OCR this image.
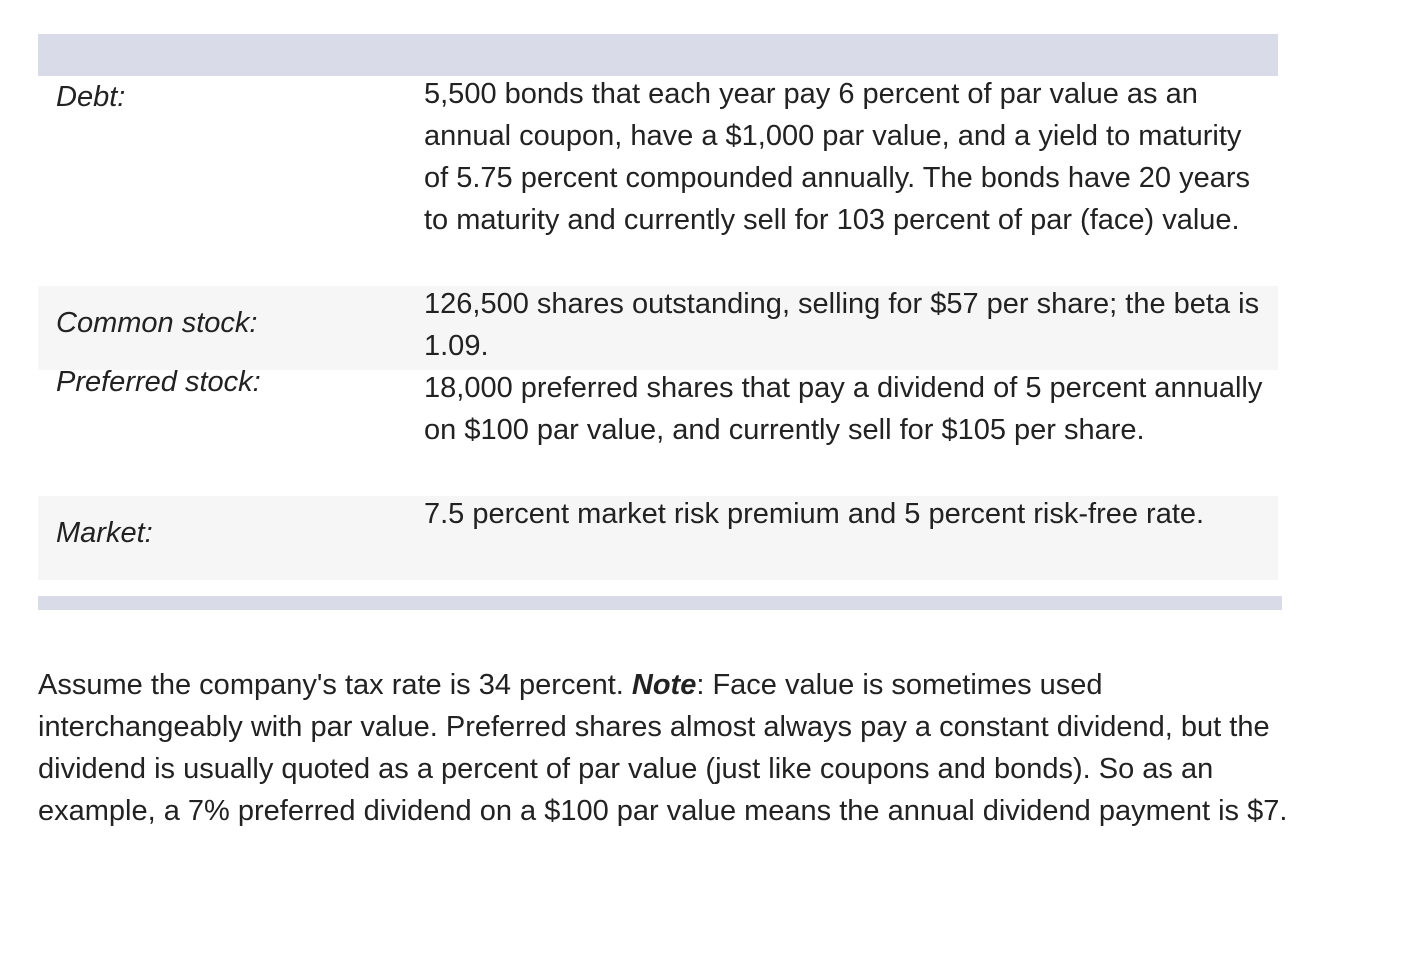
Debt:	5,500 bonds that each year pay 6 percent of par value as an annual coupon, have a $1,000 par value, and a yield to maturity of 5.75 percent compounded annually. The bonds have 20 years to maturity and currently sell for 103 percent of par (face) value.
Common stock:
126,500 shares outstanding, selling for $57 per share; the beta is 1.09.
Preferred stock:	18,000 preferred shares that pay a dividend of 5 percent annually on $100 par value, and currently sell for $105 per share.
Market:
7.5 percent market risk premium and 5 percent risk-free rate.

Assume the company's tax rate is 34 percent. Note: Face value is sometimes used interchangeably with par value. Preferred shares almost always pay a constant dividend, but the dividend is usually quoted as a percent of par value (just like coupons and bonds). So as an example, a 7% preferred dividend on a $100 par value means the annual dividend payment is $7.
